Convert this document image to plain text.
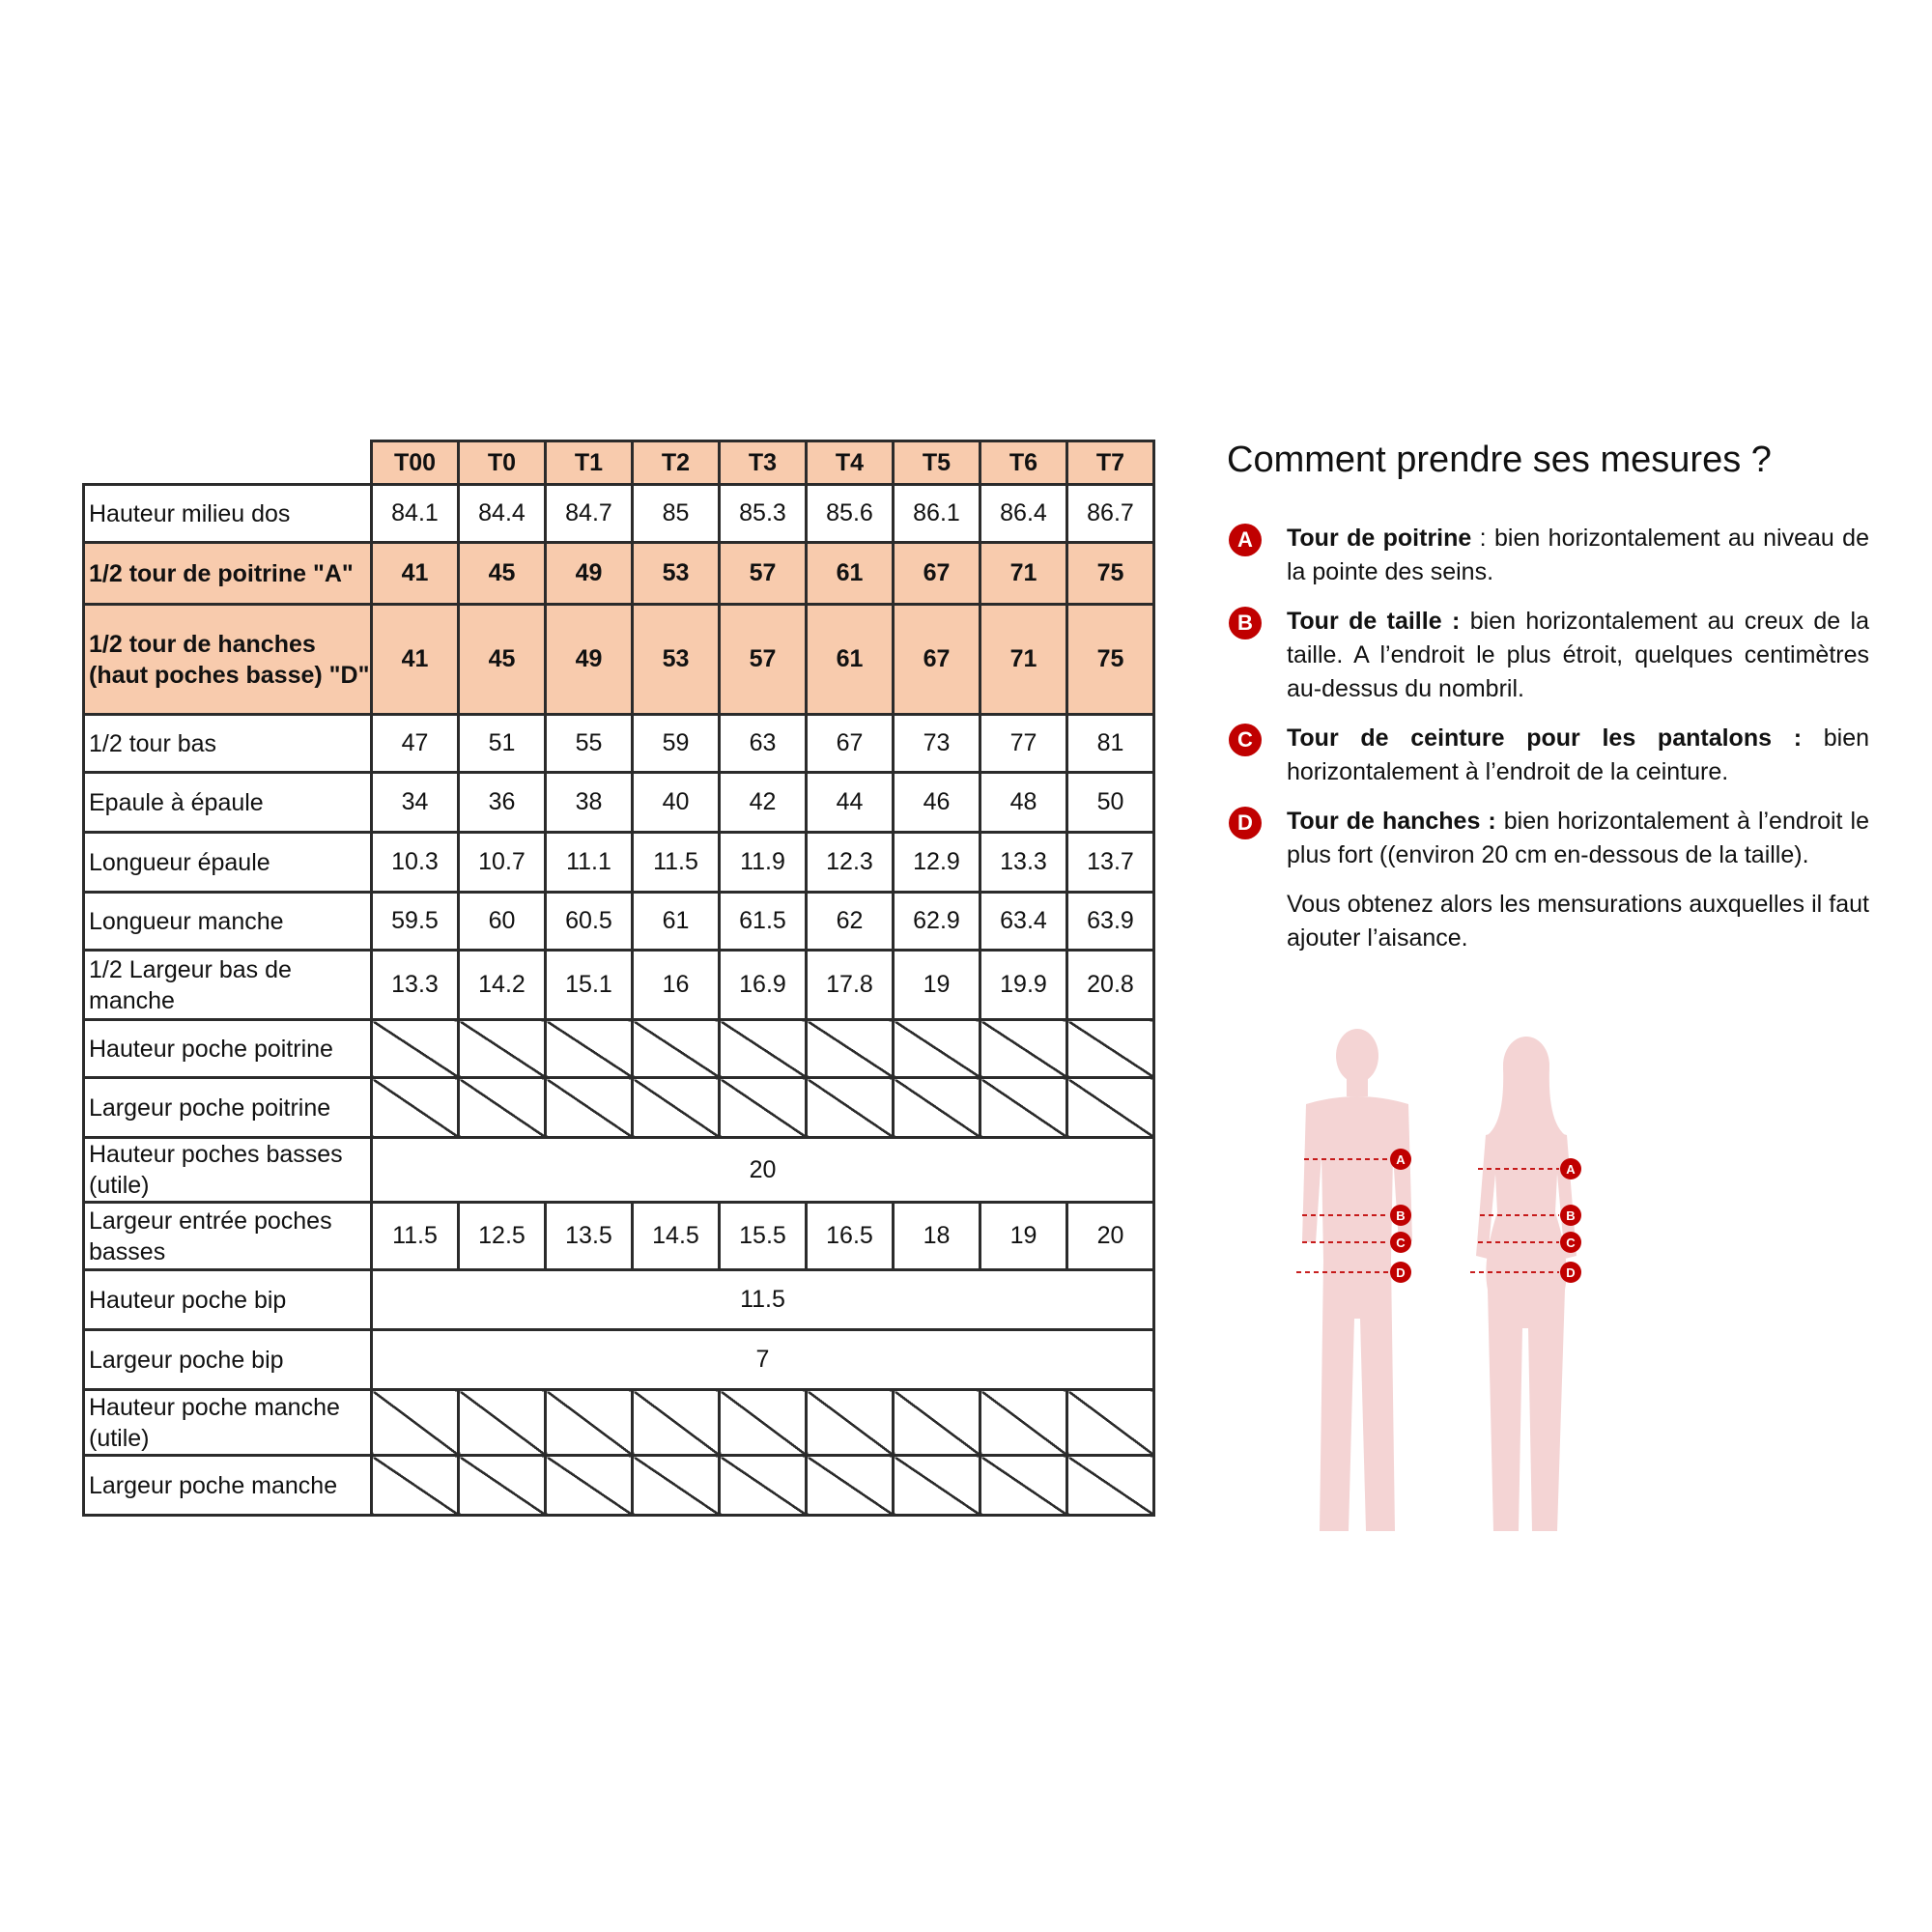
	T00	T0	T1	T2	T3	T4	T5	T6	T7
Hauteur milieu dos	84.1	84.4	84.7	85	85.3	85.6	86.1	86.4	86.7
1/2 tour de poitrine "A"	41	45	49	53	57	61	67	71	75
1/2 tour de hanches (haut poches basse) "D"	41	45	49	53	57	61	67	71	75
1/2 tour bas	47	51	55	59	63	67	73	77	81
Epaule à épaule	34	36	38	40	42	44	46	48	50
Longueur épaule	10.3	10.7	11.1	11.5	11.9	12.3	12.9	13.3	13.7
Longueur manche	59.5	60	60.5	61	61.5	62	62.9	63.4	63.9
1/2 Largeur bas de manche	13.3	14.2	15.1	16	16.9	17.8	19	19.9	20.8
Hauteur poche poitrine									
Largeur poche poitrine									
Hauteur poches basses (utile)	20								
Largeur entrée poches basses	11.5	12.5	13.5	14.5	15.5	16.5	18	19	20
Hauteur poche bip	11.5								
Largeur poche bip	7								
Hauteur poche manche (utile)									
Largeur poche manche									
Comment prendre ses mesures ?
A	Tour de poitrine : bien horizontalement au niveau de la pointe des seins.
B	Tour de taille : bien horizontalement au creux de la taille. A l’endroit le plus étroit, quelques centimètres au-dessus du nombril.
C	Tour de ceinture pour les pantalons : bien horizontalement à l’endroit de la ceinture.
D	Tour de hanches : bien horizontalement à l’endroit le plus fort ((environ 20 cm en-dessous de la taille).
Vous obtenez alors les mensurations auxquelles il faut ajouter l’aisance.
A
B
C
D
A
B
C
D
